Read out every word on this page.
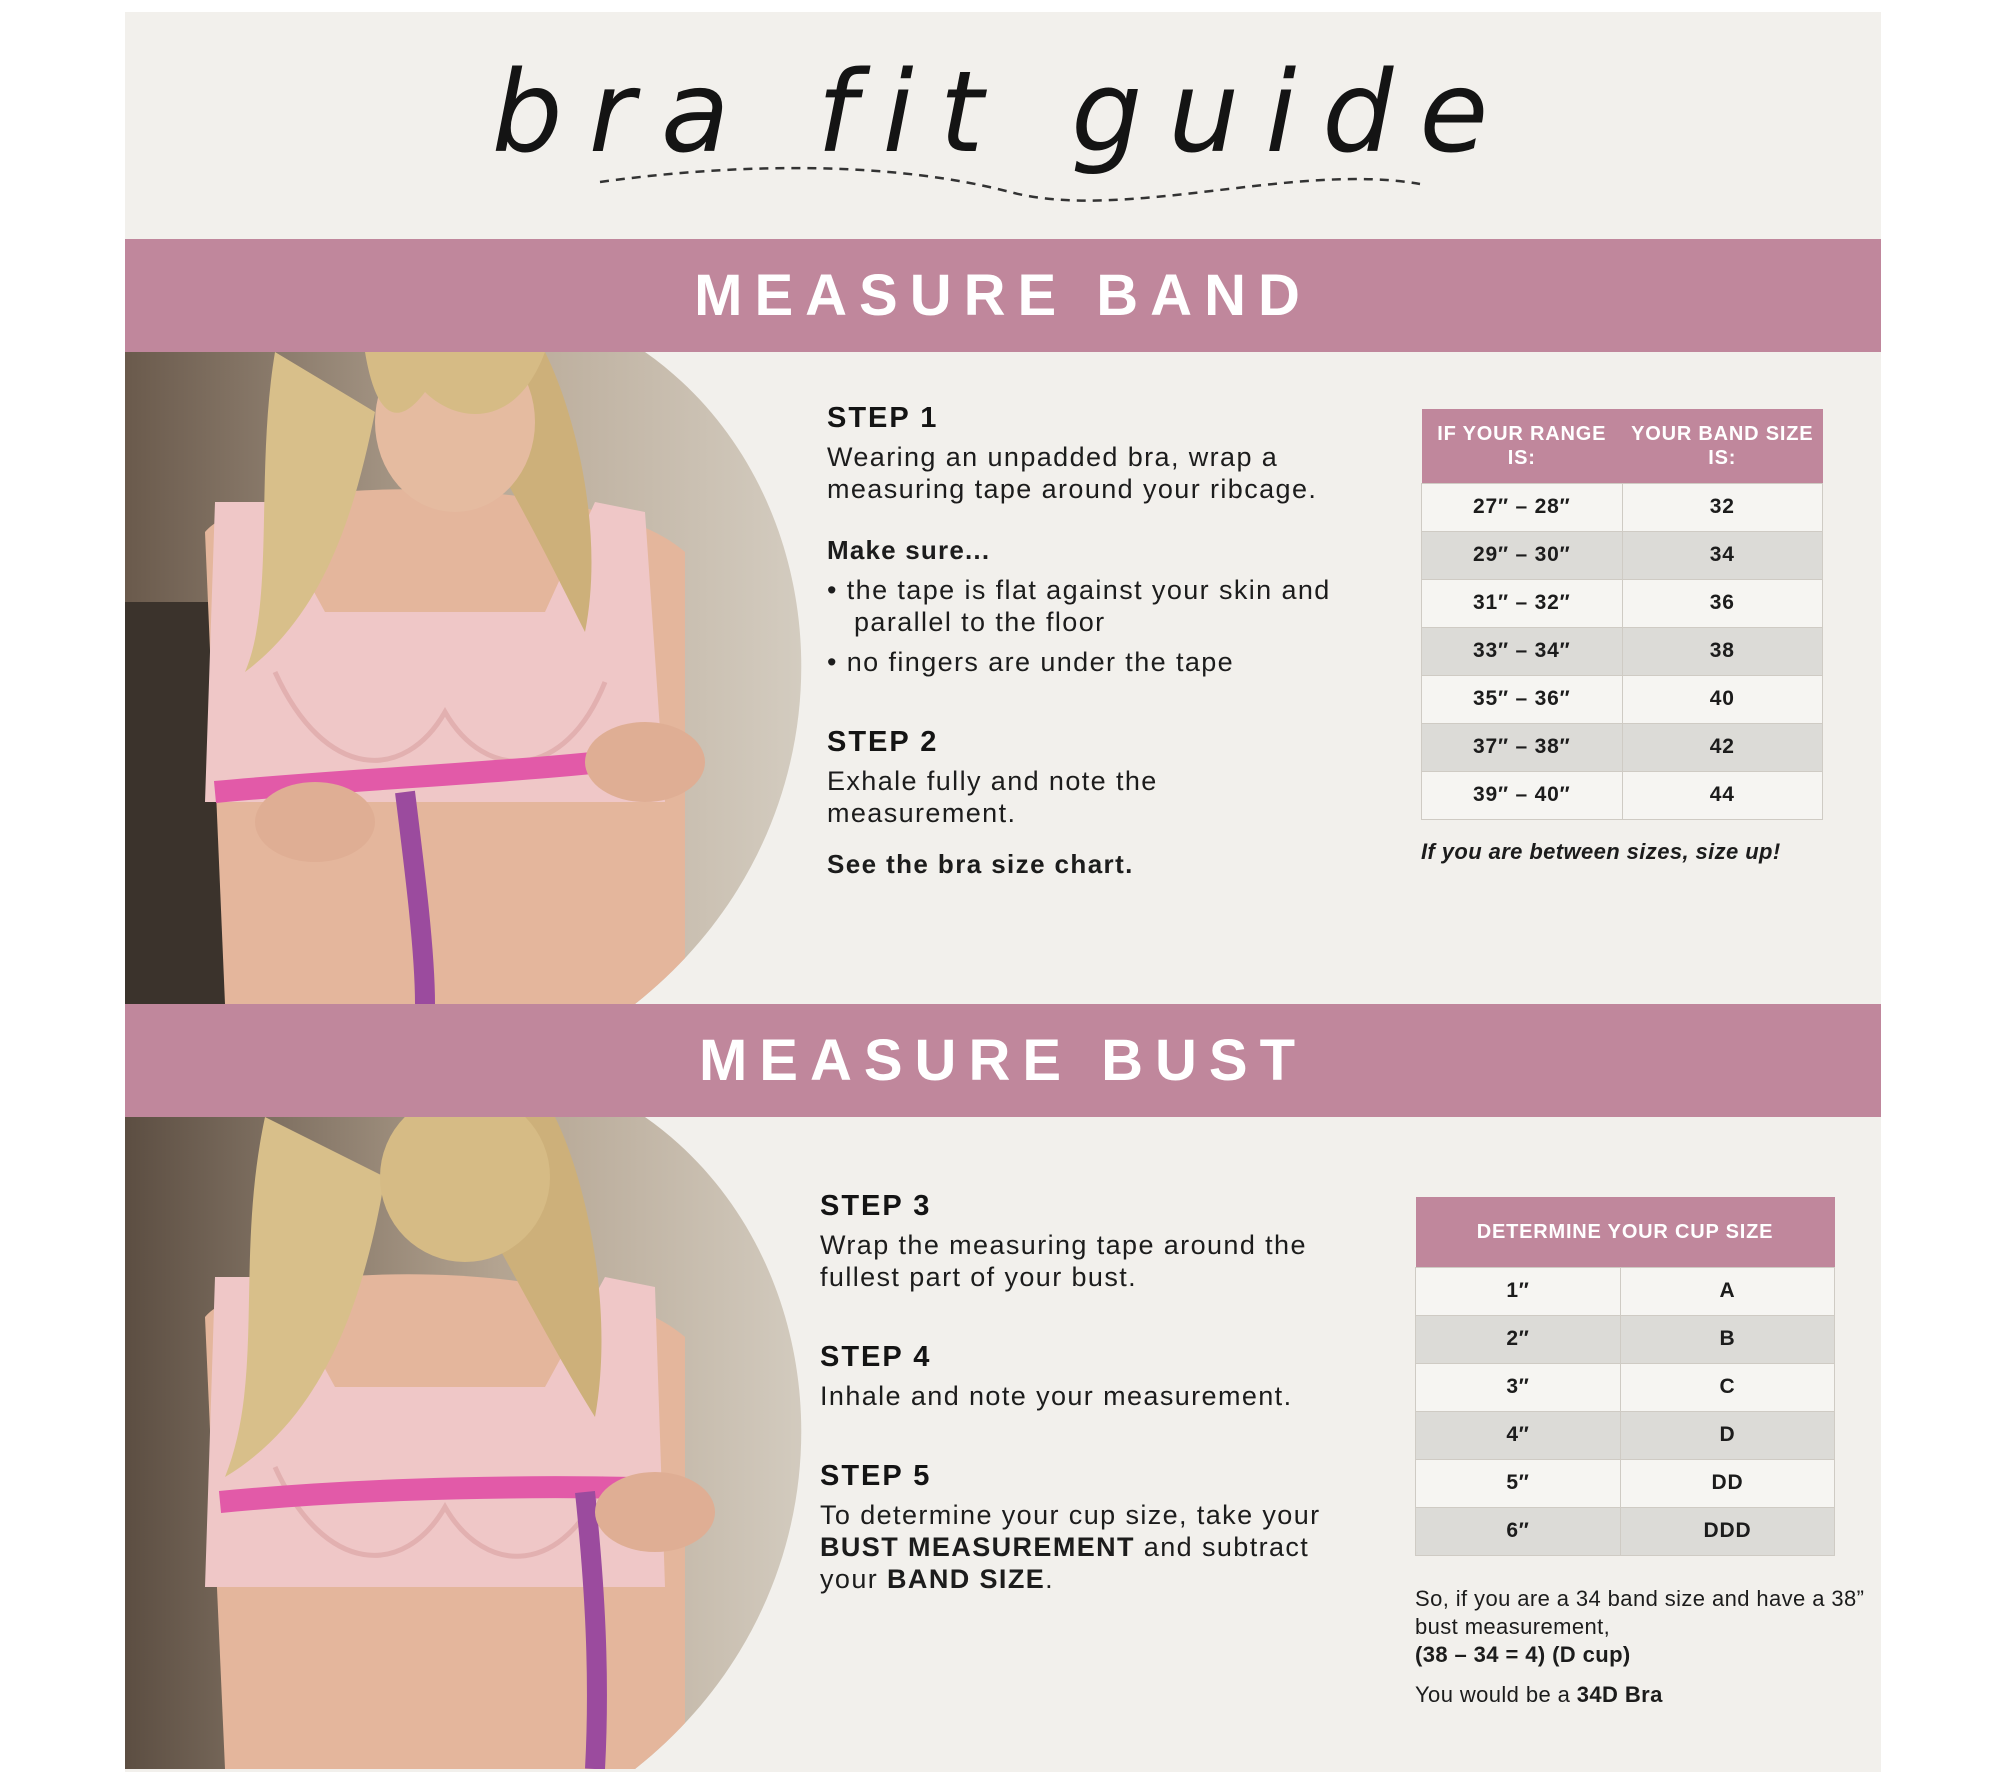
bra fit guide
MEASURE BAND
STEP 1
Wearing an unpadded bra, wrap a measuring tape around your ribcage.
Make sure...
• the tape is flat against your skin and parallel to the floor
• no fingers are under the tape
STEP 2
Exhale fully and note the measurement.
See the bra size chart.
IF YOUR RANGE IS:	YOUR BAND SIZE IS:
27″ – 28″	32
29″ – 30″	34
31″ – 32″	36
33″ – 34″	38
35″ – 36″	40
37″ – 38″	42
39″ – 40″	44
If you are between sizes, size up!
MEASURE BUST
STEP 3
Wrap the measuring tape around the fullest part of your bust.
STEP 4
Inhale and note your measurement.
STEP 5
To determine your cup size, take your BUST MEASUREMENT and subtract your BAND SIZE.
DETERMINE YOUR CUP SIZE	
1″	A
2″	B
3″	C
4″	D
5″	DD
6″	DDD
So, if you are a 34 band size and have a 38” bust measurement,
(38 – 34 = 4) (D cup)
You would be a 34D Bra
